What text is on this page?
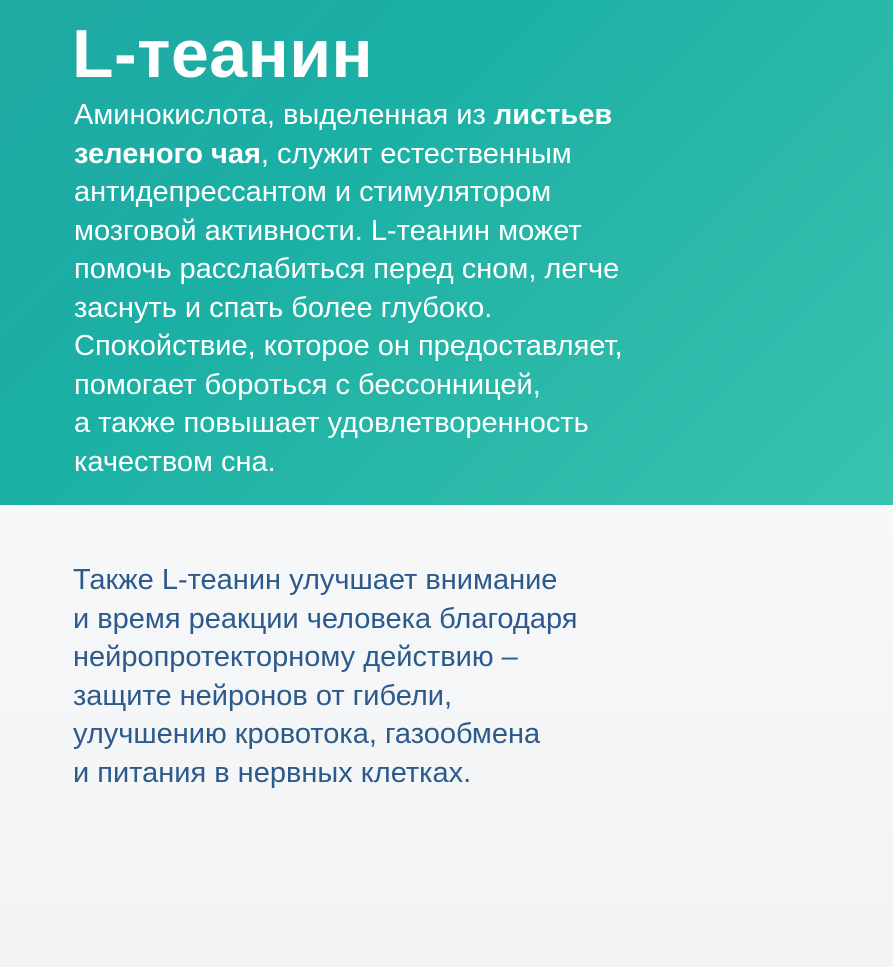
L-теанин

Аминокислота, выделенная из листьев
зеленого чая, служит естественным
антидепрессантом и стимулятором
мозговой активности. L-теанин может
помочь расслабиться перед сном, легче
заснуть и спать более глубоко.
Спокойствие, которое он предоставляет,
помогает бороться с бессонницей,
а также повышает удовлетворенность
качеством сна.

Также L-теанин улучшает внимание
и время реакции человека благодаря
нейропротекторному действию –
защите нейронов от гибели,
улучшению кровотока, газообмена
и питания в нервных клетках.
